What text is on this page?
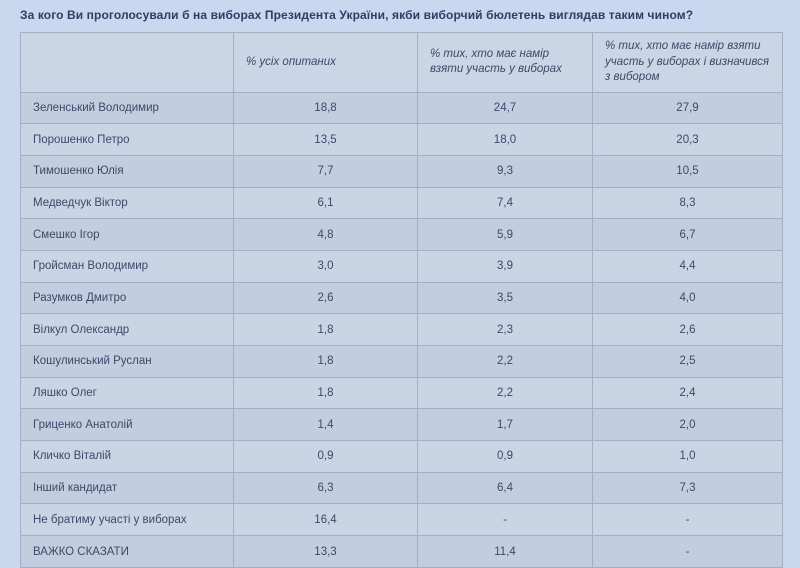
За кого Ви проголосували б на виборах Президента України, якби виборчий бюлетень виглядав таким чином?
	% усіх опитаних	% тих, хто має намір взяти участь у виборах	% тих, хто має намір взяти участь у виборах і визначився з вибором
Зеленський Володимир	18,8	24,7	27,9
Порошенко Петро	13,5	18,0	20,3
Тимошенко Юлія	7,7	9,3	10,5
Медведчук Віктор	6,1	7,4	8,3
Смешко Ігор	4,8	5,9	6,7
Гройсман Володимир	3,0	3,9	4,4
Разумков Дмитро	2,6	3,5	4,0
Вілкул Олександр	1,8	2,3	2,6
Кошулинський Руслан	1,8	2,2	2,5
Ляшко Олег	1,8	2,2	2,4
Гриценко Анатолій	1,4	1,7	2,0
Кличко Віталій	0,9	0,9	1,0
Інший кандидат	6,3	6,4	7,3
Не братиму участі у виборах	16,4	-	-
ВАЖКО СКАЗАТИ	13,3	11,4	-
